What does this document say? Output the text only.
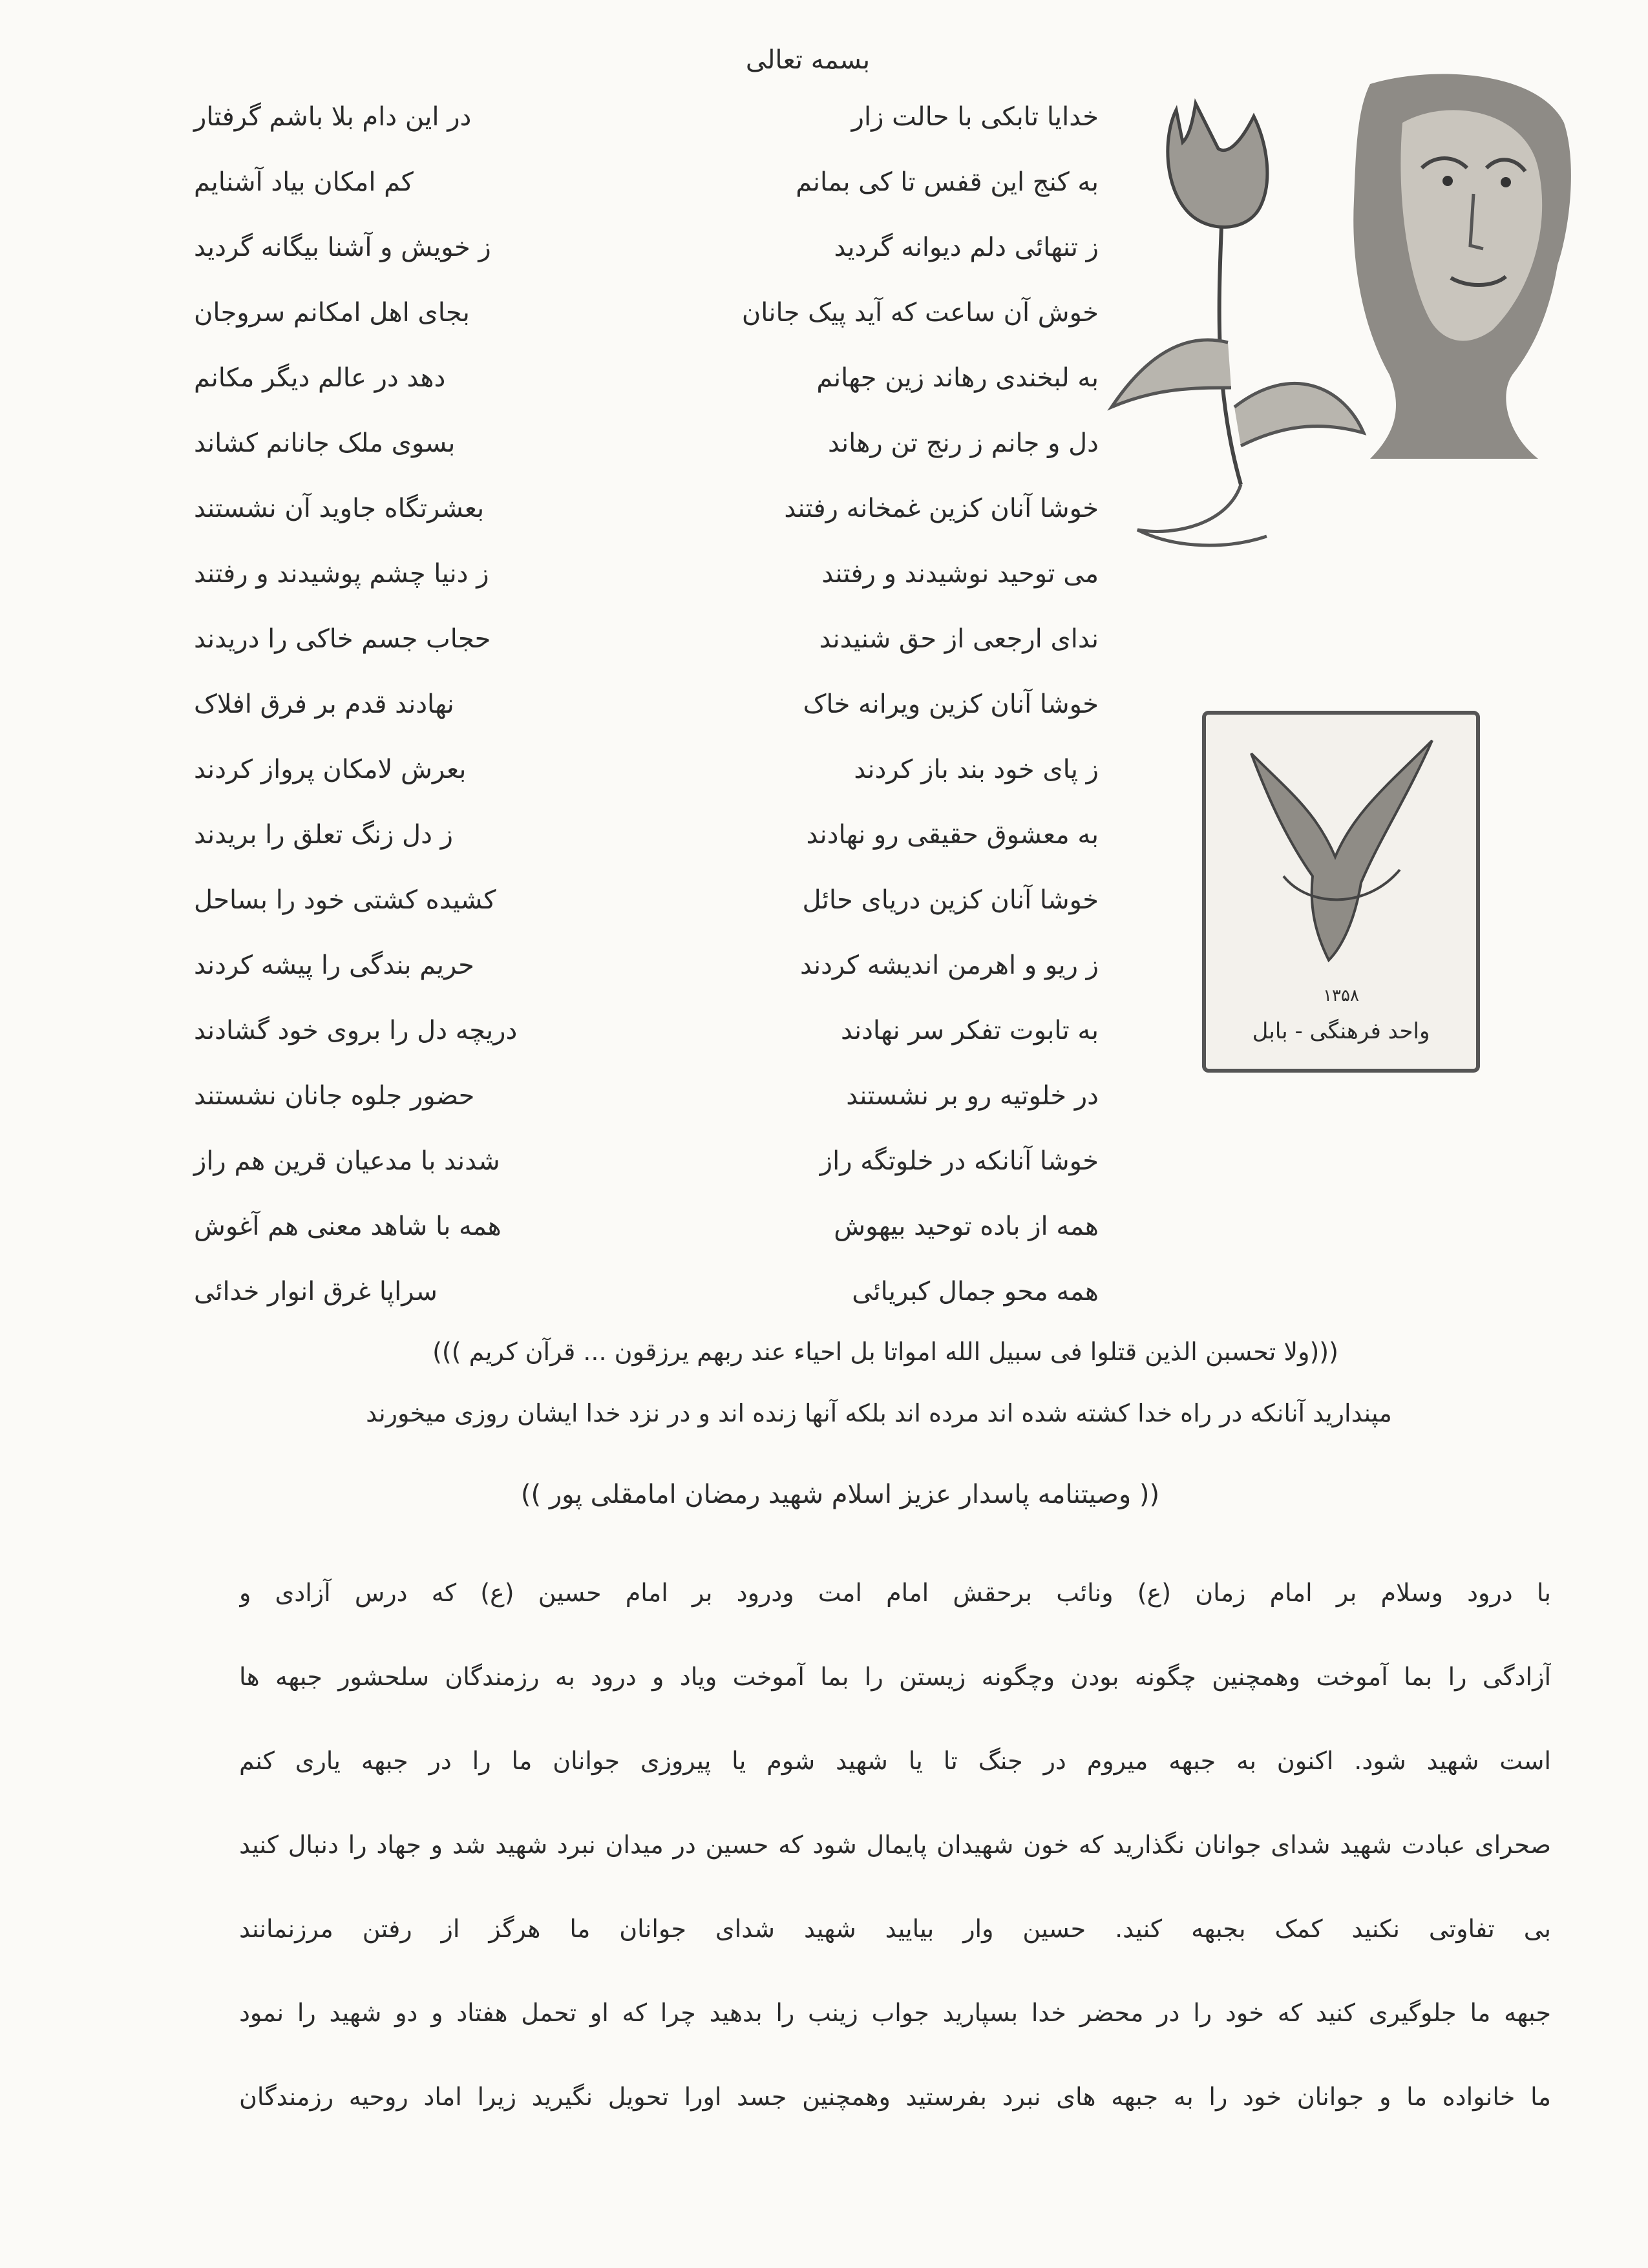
بسمه تعالی
خدایا تابکی با حالت زار
در این دام بلا باشم گرفتار
به کنج این قفس تا کی بمانم
کم امکان بیاد آشنایم
ز تنهائی دلم دیوانه گردید
ز خویش و آشنا بیگانه گردید
خوش آن ساعت که آید پیک جانان
بجای اهل امکانم سروجان
به لبخندی رهاند زین جهانم
دهد در عالم دیگر مکانم
دل و جانم ز رنج تن رهاند
بسوی ملک جانانم کشاند
خوشا آنان کزین غمخانه رفتند
بعشرتگاه جاوید آن نشستند
می توحید نوشیدند و رفتند
ز دنیا چشم پوشیدند و رفتند
ندای ارجعی از حق شنیدند
حجاب جسم خاکی را دریدند
خوشا آنان کزین ویرانه خاک
نهادند قدم بر فرق افلاک
ز پای خود بند باز کردند
بعرش لامکان پرواز کردند
به معشوق حقیقی رو نهادند
ز دل زنگ تعلق را بریدند
خوشا آنان کزین دریای حائل
کشیده کشتی خود را بساحل
ز ریو و اهرمن اندیشه کردند
حریم بندگی را پیشه کردند
به تابوت تفکر سر نهادند
دریچه دل را بروی خود گشادند
در خلوتیه رو بر نشستند
حضور جلوه جانان نشستند
خوشا آنانکه در خلوتگه راز
شدند با مدعیان قرین هم راز
همه از باده توحید بیهوش
همه با شاهد معنی هم آغوش
همه محو جمال کبریائی
سراپا غرق انوار خدائی
۱۳۵۸
واحد فرهنگی - بابل
(((ولا تحسبن الذین قتلوا فی سبیل الله امواتا بل احیاء عند ربهم یرزقون ... قرآن کریم )))
مپندارید آنانکه در راه خدا کشته شده اند مرده اند بلکه آنها زنده اند و در نزد خدا ایشان روزی میخورند
(( وصیتنامه پاسدار عزیز اسلام شهید رمضان امامقلی پور ))
با درود وسلام بر امام زمان (ع) ونائب برحقش امام امت ودرود بر امام حسین (ع) که درس آزادی و
آزادگی را بما آموخت وهمچنین چگونه بودن وچگونه زیستن را بما آموخت ویاد و درود به رزمندگان سلحشور جبهه ها
است شهید شود. اکنون به جبهه میروم در جنگ تا یا شهید شوم یا پیروزی جوانان ما را در جبهه یاری کنم
صحرای عبادت شهید شدای جوانان نگذارید که خون شهیدان پایمال شود که حسین در میدان نبرد شهید شد و جهاد را دنبال کنید
بی تفاوتی نکنید کمک بجبهه کنید. حسین وار بیایید شهید شدای جوانان ما هرگز از رفتن مرزنمانند
جبهه ما جلوگیری کنید که خود را در محضر خدا بسپارید جواب زینب را بدهید چرا که او تحمل هفتاد و دو شهید را نمود
ما خانواده ما و جوانان خود را به جبهه های نبرد بفرستید وهمچنین جسد اورا تحویل نگیرید زیرا اماد روحیه رزمندگان
